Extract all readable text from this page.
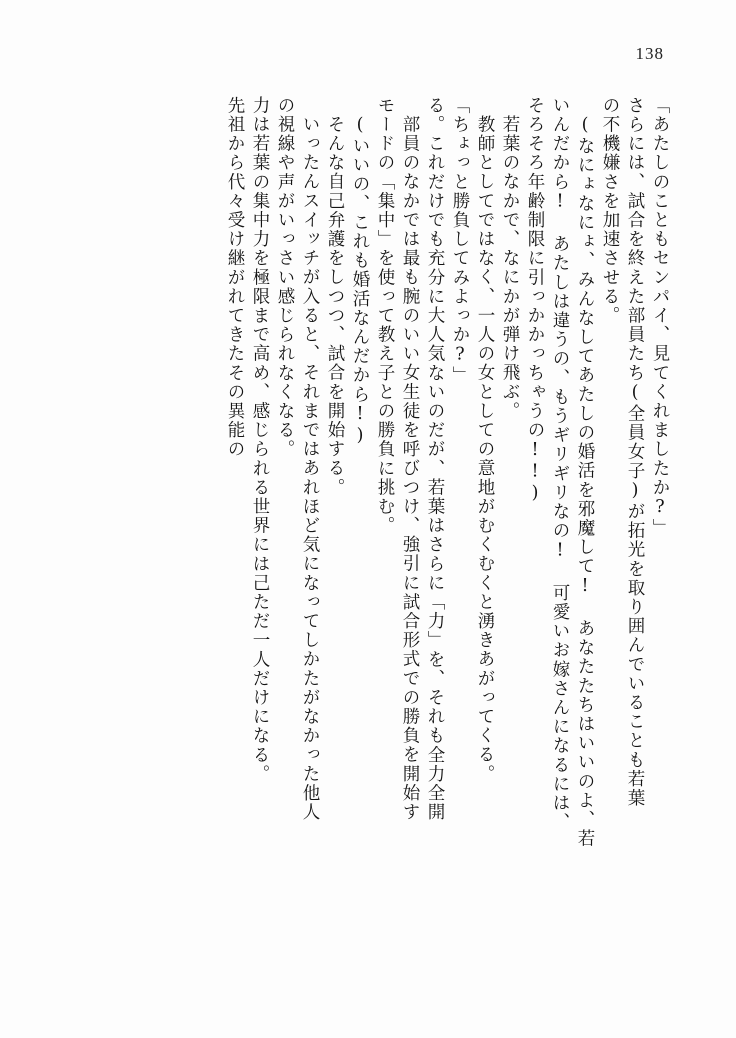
138
「あたしのこともセンパイ、見てくれましたか?」
さらには、試合を終えた部員たち(全員女子)が拓光を取り囲んでいることも若葉
の不機嫌さを加速させる。
(なにょなにょ、みんなしてあたしの婚活を邪魔して! あなたたちはいいのよ、若
いんだから! あたしは違うの、もうギリギリなの! 可愛いお嫁さんになるには、
そろそろ年齢制限に引っかかっちゃうの!!)
若葉のなかで、なにかが弾け飛ぶ。
教師としてではなく、一人の女としての意地がむくむくと湧きあがってくる。
「ちょっと勝負してみよっか?」
る。これだけでも充分に大人気ないのだが、若葉はさらに「力」を、それも全力全開
部員のなかでは最も腕のいい女生徒を呼びつけ、強引に試合形式での勝負を開始す
モードの「集中」を使って教え子との勝負に挑む。
(いいの、これも婚活なんだから!)
そんな自己弁護をしつつ、試合を開始する。
いったんスイッチが入ると、それまではあれほど気になってしかたがなかった他人
の視線や声がいっさい感じられなくなる。
力は若葉の集中力を極限まで高め、感じられる世界には己ただ一人だけになる。
先祖から代々受け継がれてきたその異能の
